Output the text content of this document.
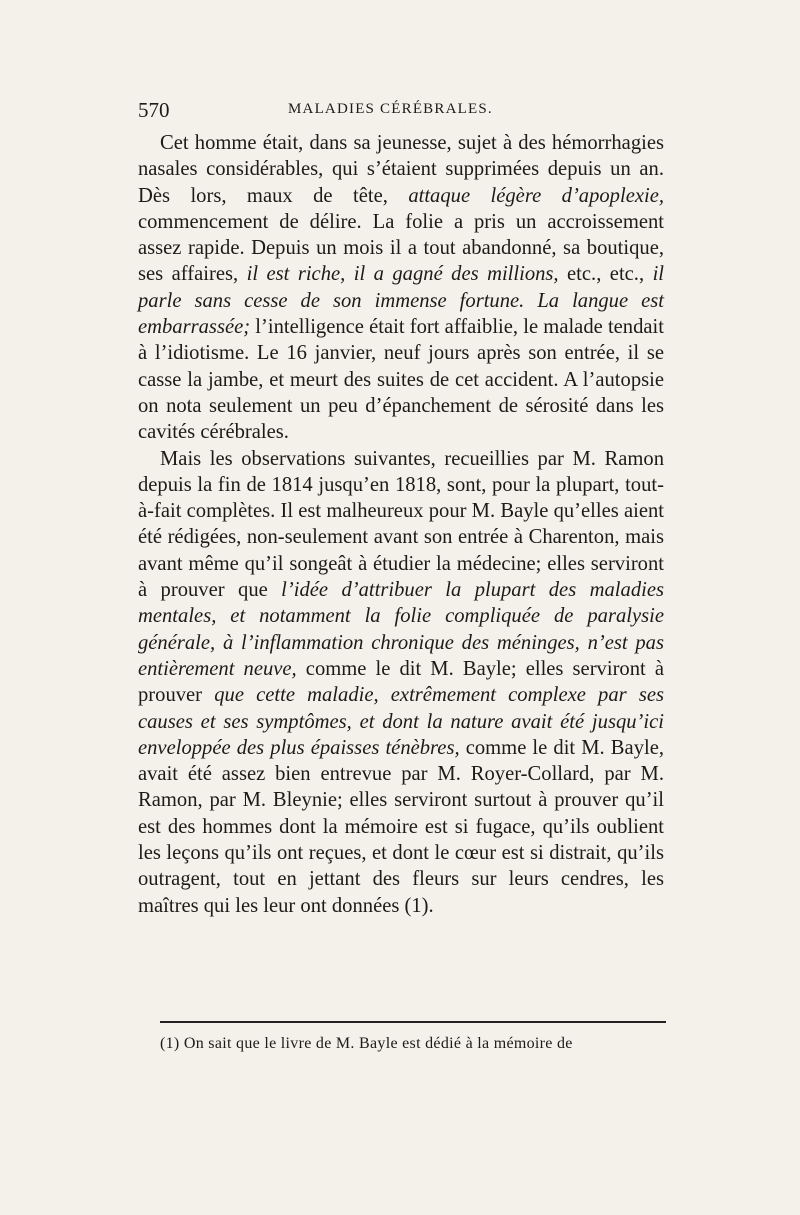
570	MALADIES CÉRÉBRALES.

Cet homme était, dans sa jeunesse, sujet à des hémorrhagies nasales considérables, qui s’étaient supprimées depuis un an. Dès lors, maux de tête, attaque légère d’apoplexie, commencement de délire. La folie a pris un accroissement assez rapide. Depuis un mois il a tout abandonné, sa boutique, ses affaires, il est riche, il a gagné des millions, etc., etc., il parle sans cesse de son immense fortune. La langue est embarrassée; l’intelligence était fort affaiblie, le malade tendait à l’idiotisme. Le 16 janvier, neuf jours après son entrée, il se casse la jambe, et meurt des suites de cet accident. A l’autopsie on nota seulement un peu d’épanchement de sérosité dans les cavités cérébrales.

Mais les observations suivantes, recueillies par M. Ramon depuis la fin de 1814 jusqu’en 1818, sont, pour la plupart, tout-à-fait complètes. Il est malheureux pour M. Bayle qu’elles aient été rédigées, non-seulement avant son entrée à Charenton, mais avant même qu’il songeât à étudier la médecine; elles serviront à prouver que l’idée d’attribuer la plupart des maladies mentales, et notamment la folie compliquée de paralysie générale, à l’inflammation chronique des méninges, n’est pas entièrement neuve, comme le dit M. Bayle; elles serviront à prouver que cette maladie, extrêmement complexe par ses causes et ses symptômes, et dont la nature avait été jusqu’ici enveloppée des plus épaisses ténèbres, comme le dit M. Bayle, avait été assez bien entrevue par M. Royer-Collard, par M. Ramon, par M. Bleynie; elles serviront surtout à prouver qu’il est des hommes dont la mémoire est si fugace, qu’ils oublient les leçons qu’ils ont reçues, et dont le cœur est si distrait, qu’ils outragent, tout en jettant des fleurs sur leurs cendres, les maîtres qui les leur ont données (1).

(1) On sait que le livre de M. Bayle est dédié à la mémoire de
